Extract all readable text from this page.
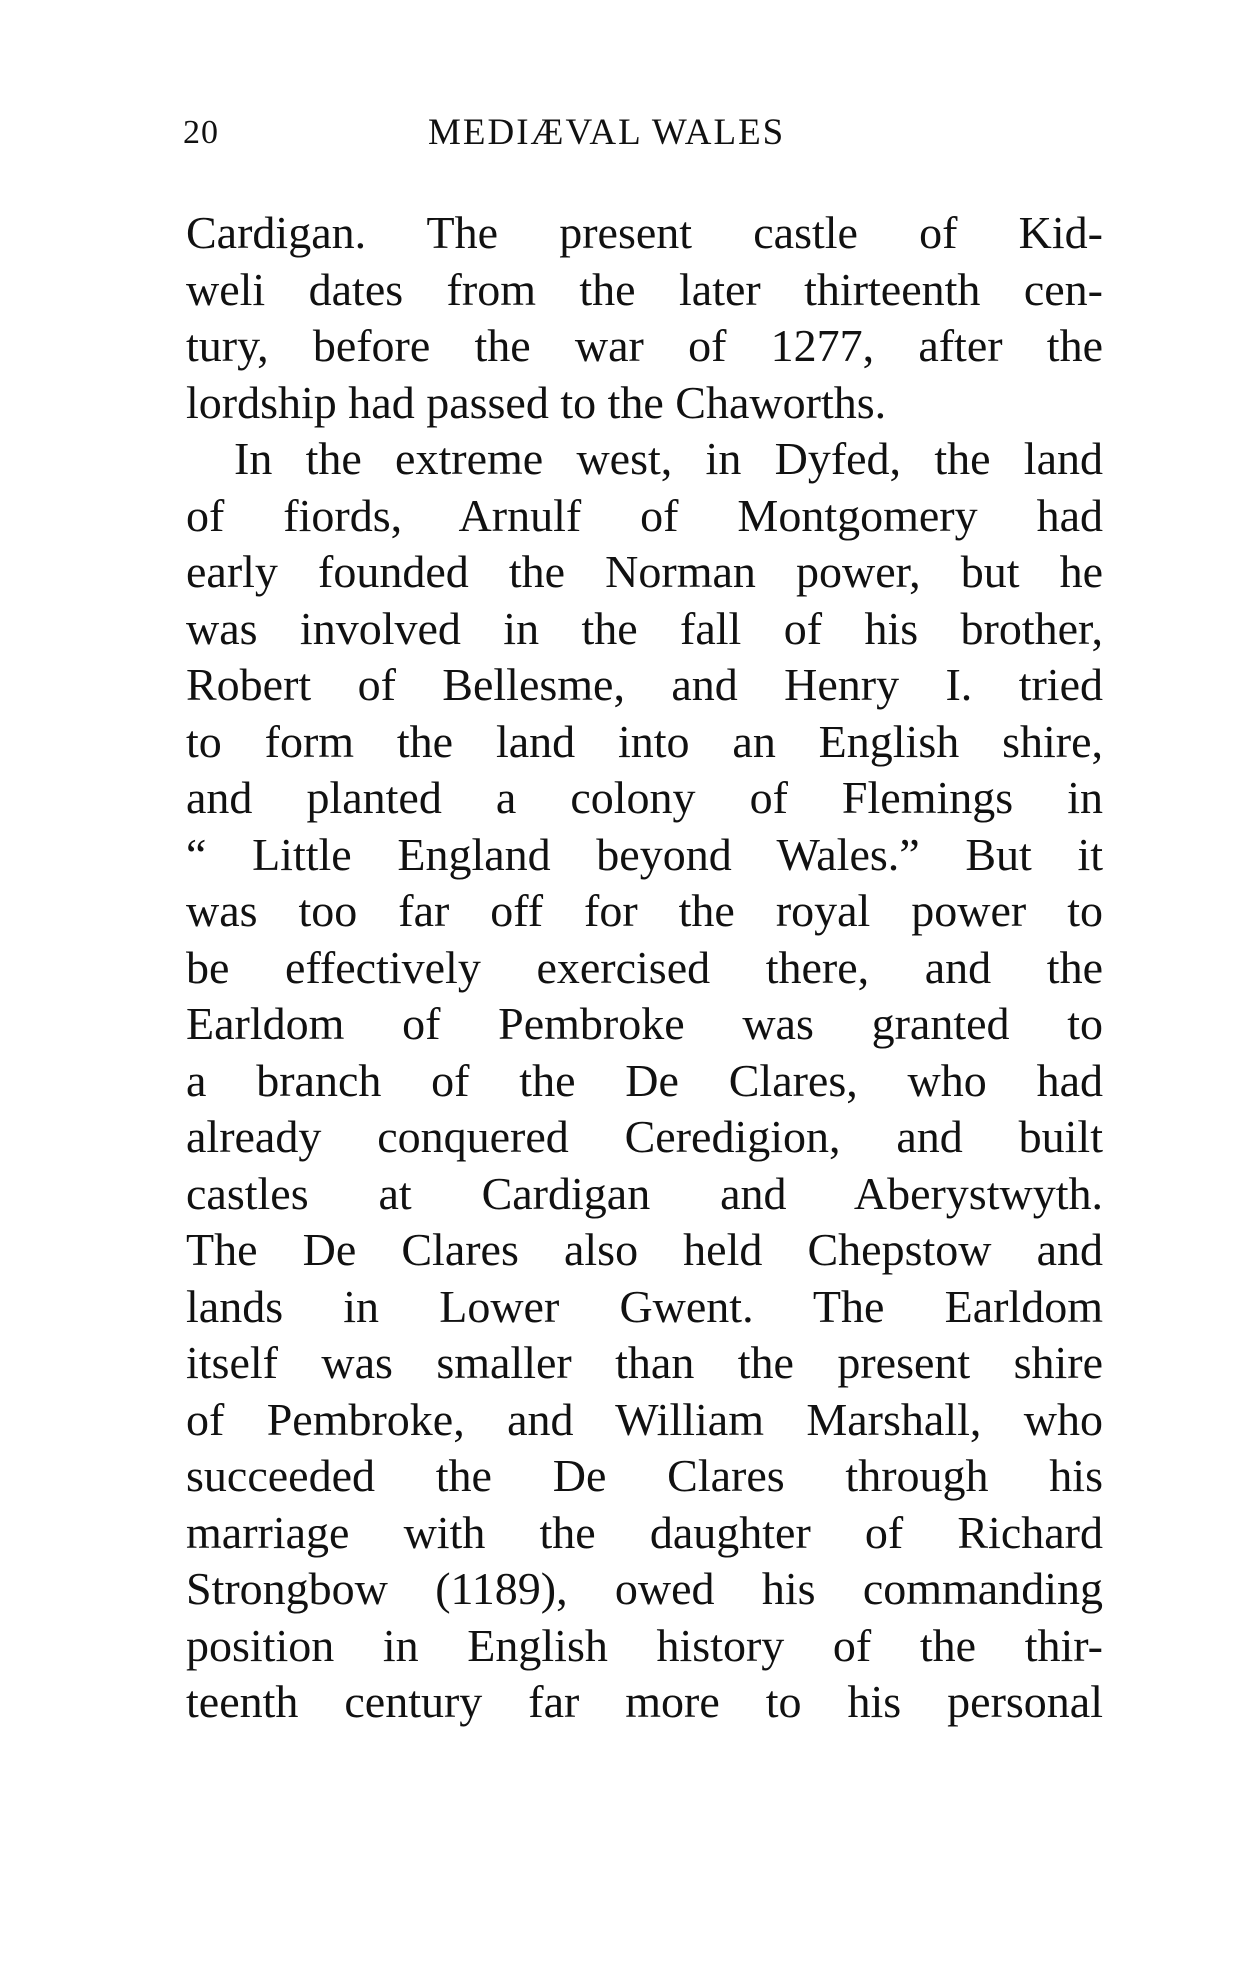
20	MEDIÆVAL WALES
Cardigan. The present castle of Kid-
weli dates from the later thirteenth cen-
tury, before the war of 1277, after the
lordship had passed to the Chaworths.
In the extreme west, in Dyfed, the land
of fiords, Arnulf of Montgomery had
early founded the Norman power, but he
was involved in the fall of his brother,
Robert of Bellesme, and Henry I. tried
to form the land into an English shire,
and planted a colony of Flemings in
“ Little England beyond Wales.” But it
was too far off for the royal power to
be effectively exercised there, and the
Earldom of Pembroke was granted to
a branch of the De Clares, who had
already conquered Ceredigion, and built
castles at Cardigan and Aberystwyth.
The De Clares also held Chepstow and
lands in Lower Gwent. The Earldom
itself was smaller than the present shire
of Pembroke, and William Marshall, who
succeeded the De Clares through his
marriage with the daughter of Richard
Strongbow (1189), owed his commanding
position in English history of the thir-
teenth century far more to his personal
